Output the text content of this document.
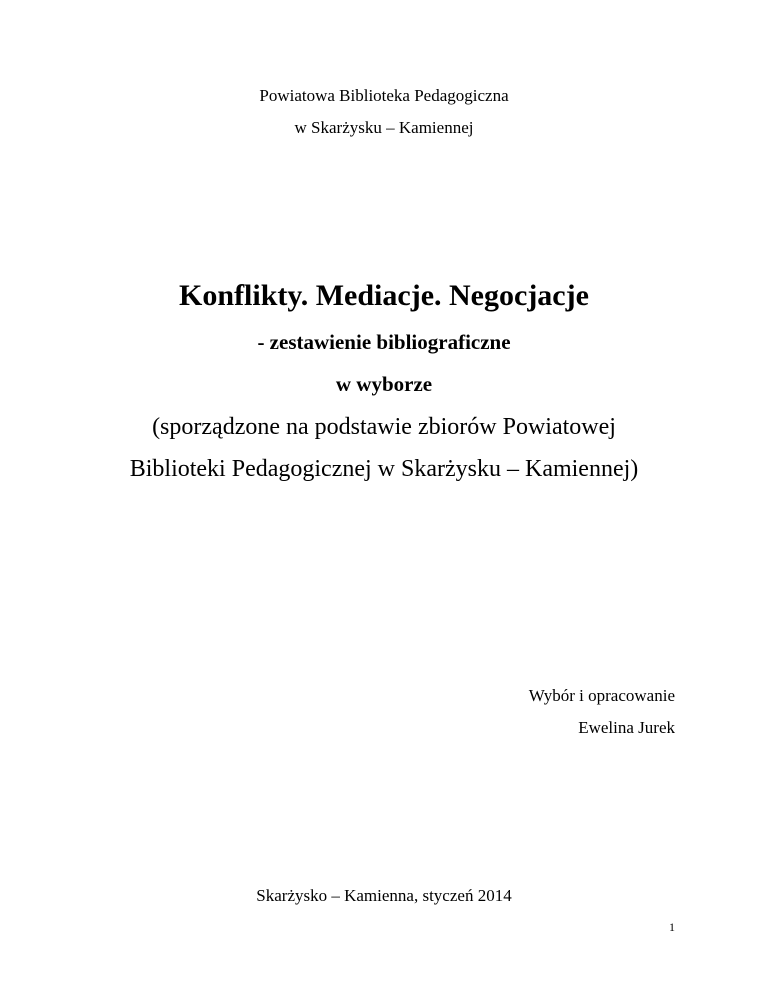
Powiatowa Biblioteka Pedagogiczna
w Skarżysku – Kamiennej
Konflikty. Mediacje. Negocjacje
- zestawienie bibliograficzne
w wyborze
(sporządzone na podstawie zbiorów Powiatowej
Biblioteki Pedagogicznej w Skarżysku – Kamiennej)
Wybór i opracowanie
Ewelina Jurek
Skarżysko – Kamienna, styczeń 2014
1
